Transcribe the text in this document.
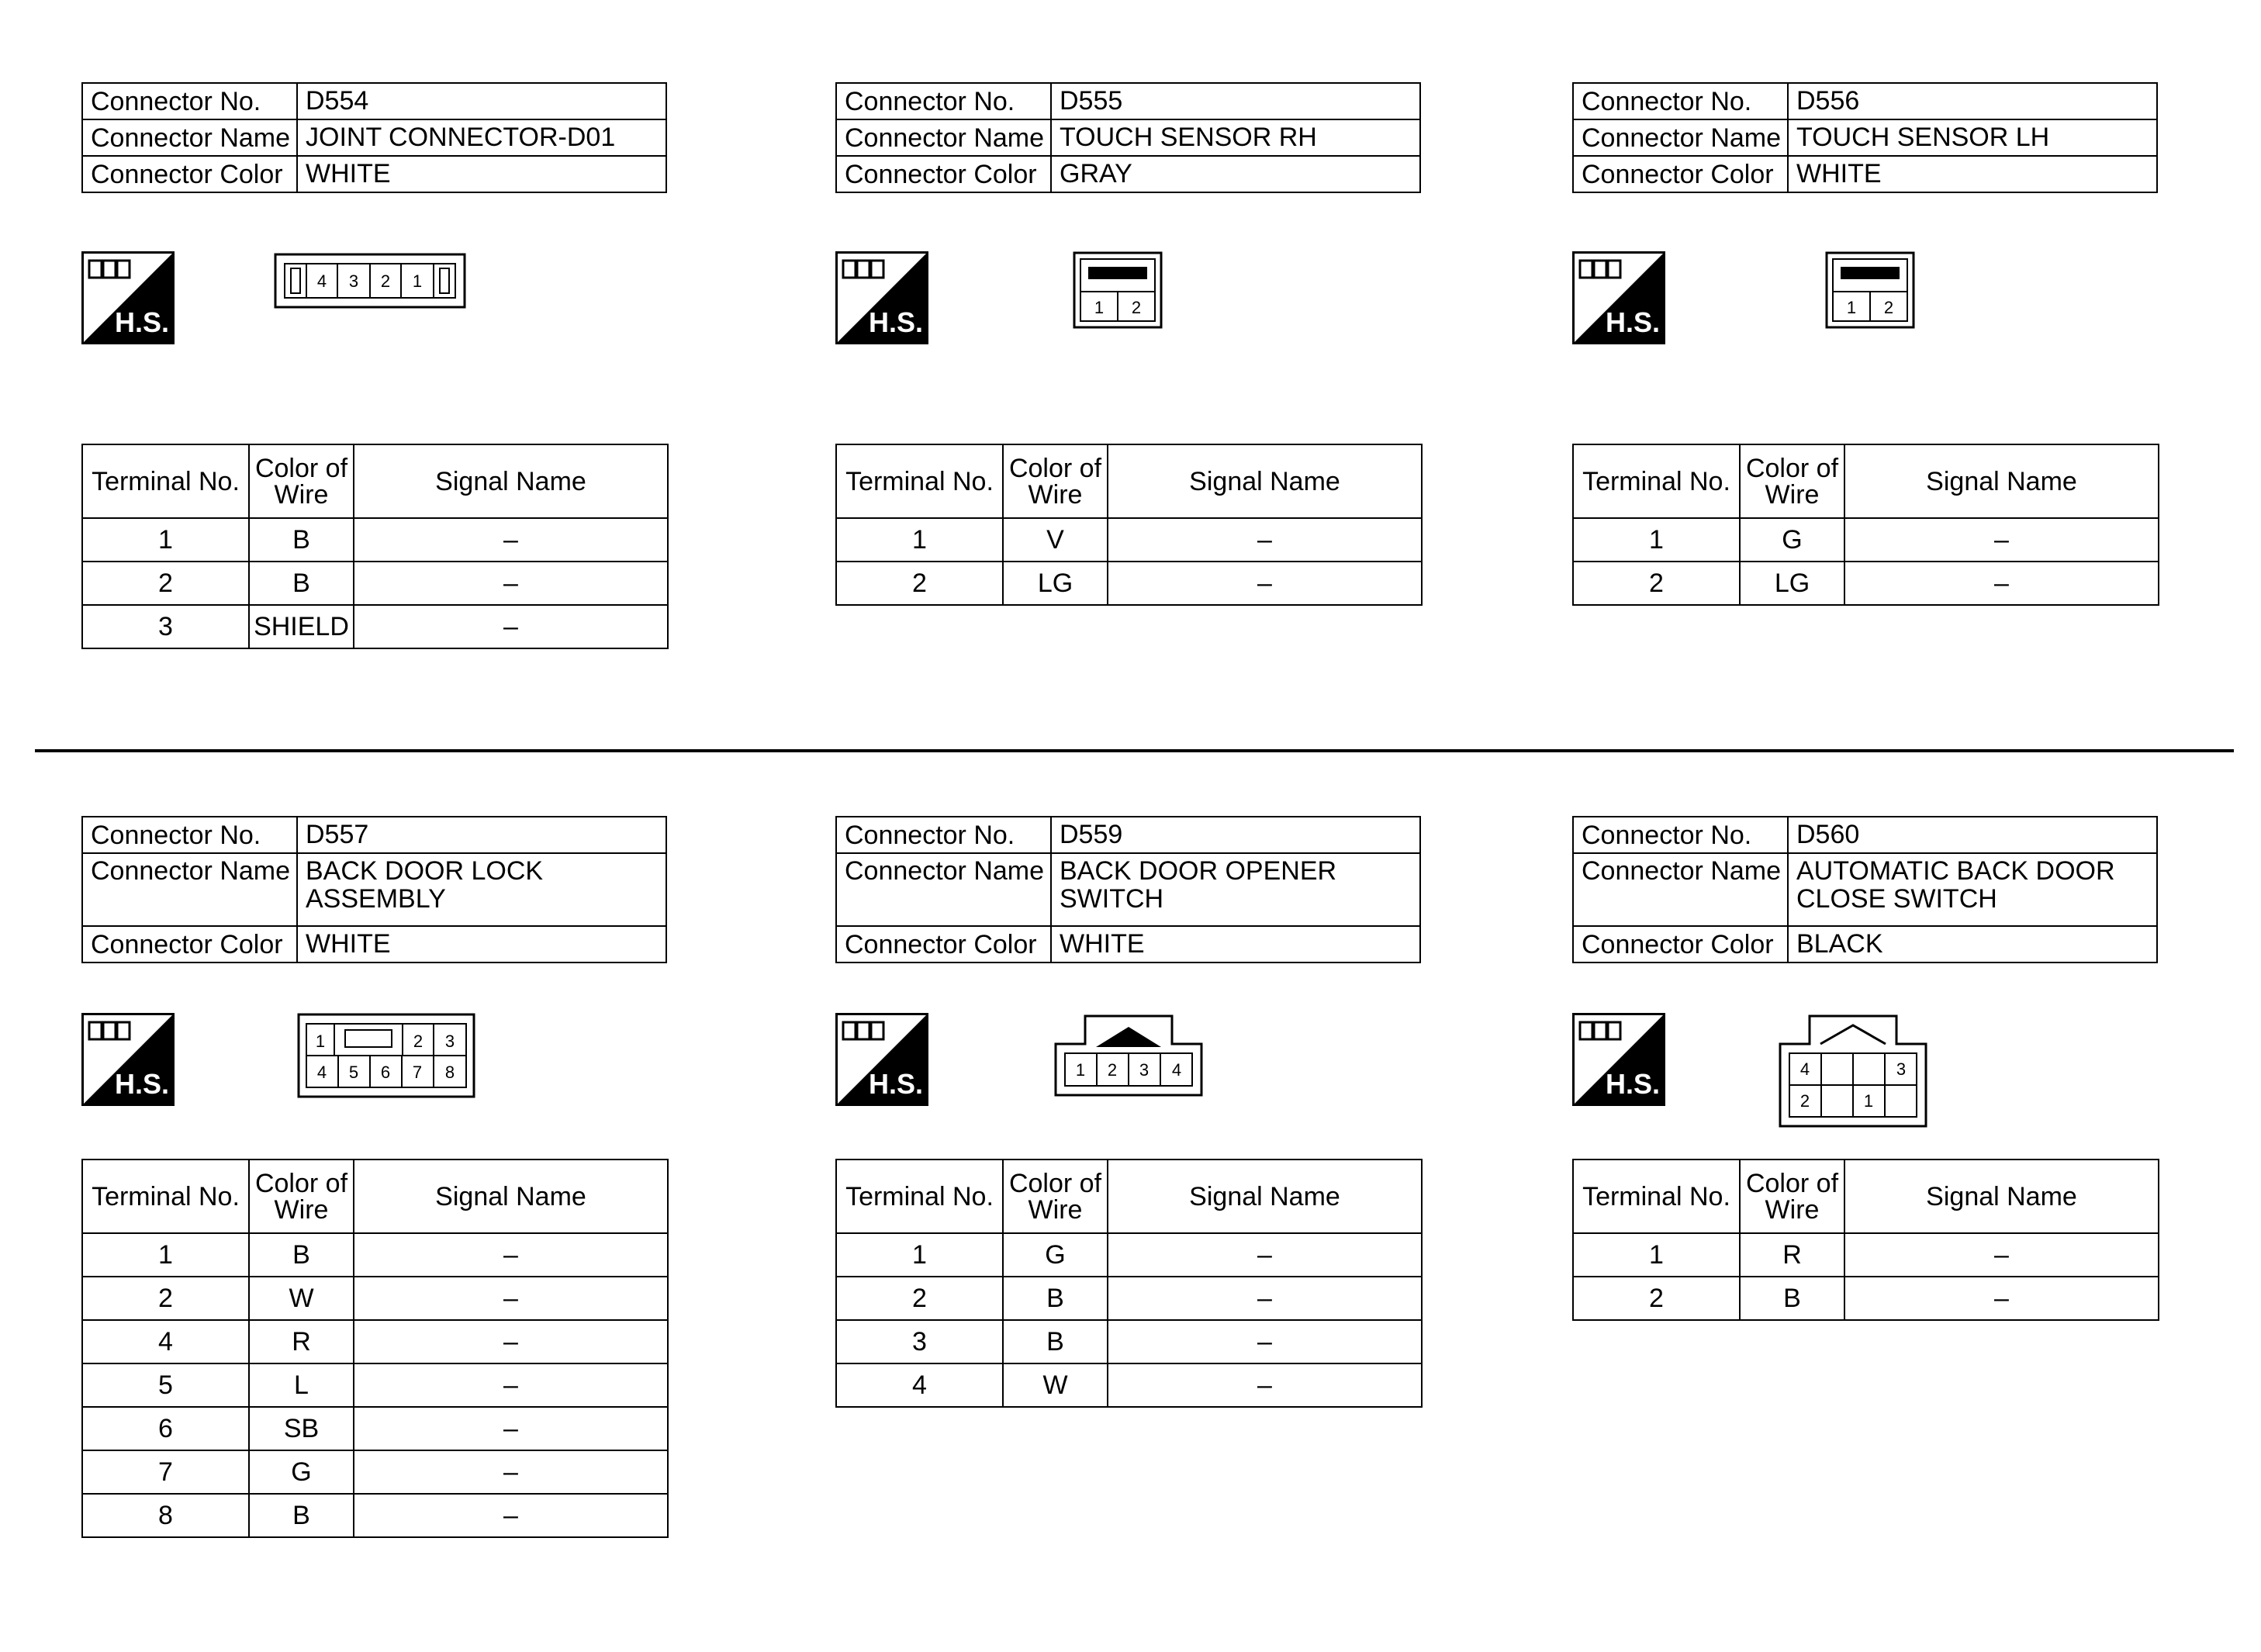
Connector No.	D554
Connector Name	JOINT CONNECTOR-D01
Connector Color	WHITE
H.S.
4 3 2 1
Terminal No.	Color of
Wire	Signal Name
1	B	–
2	B	–
3	SHIELD	–
Connector No.	D555
Connector Name	TOUCH SENSOR RH
Connector Color	GRAY
H.S.	1 2
Terminal No.	Color of
Wire	Signal Name
1	V	–
2	LG	–
Connector No.	D556
Connector Name	TOUCH SENSOR LH
Connector Color	WHITE
H.S.	1 2
Terminal No.	Color of
Wire	Signal Name
1	G	–
2	LG	–
Connector No.	D557
Connector Name	BACK DOOR LOCK
ASSEMBLY
Connector Color	WHITE
H.S.
1	2 3
4 5 6 7 8
Terminal No.	Color of
Wire	Signal Name
1	B	–
2	W	–
4	R	–
5	L	–
6	SB	–
7	G	–
8	B	–
Connector No.	D559
Connector Name	BACK DOOR OPENER
SWITCH
Connector Color	WHITE
H.S.	1 2 3 4
Terminal No.	Color of
Wire	Signal Name
1	G	–
2	B	–
3	B	–
4	W	–
Connector No.	D560
Connector Name	AUTOMATIC BACK DOOR
CLOSE SWITCH
Connector Color	BLACK
H.S.	4	3
2	1
Terminal No.	Color of
Wire	Signal Name
1	R	–
2	B	–
